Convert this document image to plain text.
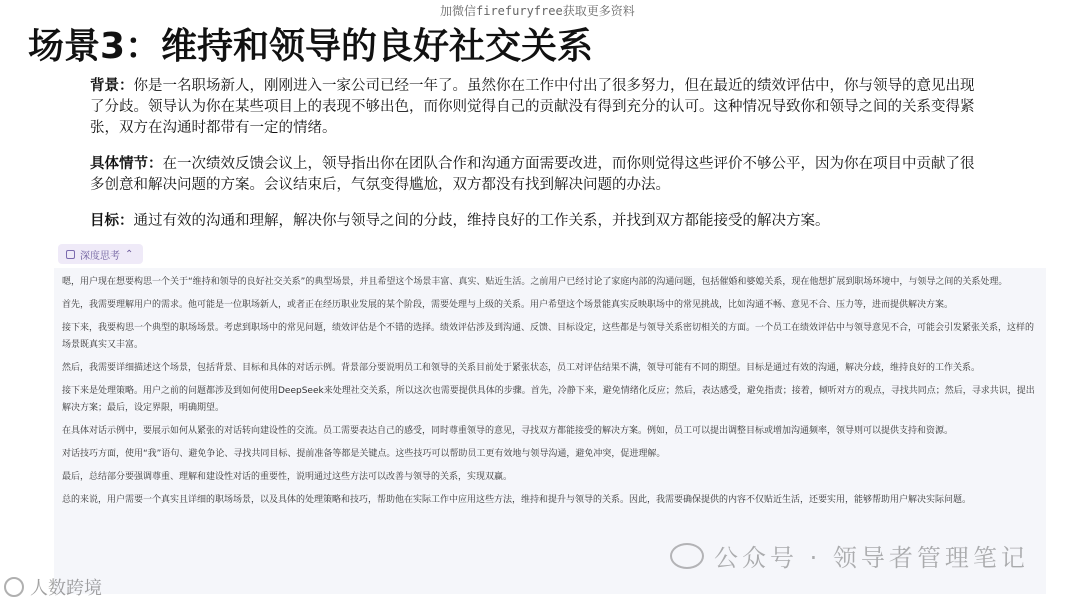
加微信firefuryfree获取更多资料
场景3：维持和领导的良好社交关系

背景：你是一名职场新人，刚刚进入一家公司已经一年了。虽然你在工作中付出了很多努力，但在最近的绩效评估中，你与领导的意见出现了分歧。领导认为你在某些项目上的表现不够出色，而你则觉得自己的贡献没有得到充分的认可。这种情况导致你和领导之间的关系变得紧张，双方在沟通时都带有一定的情绪。

具体情节：在一次绩效反馈会议上，领导指出你在团队合作和沟通方面需要改进，而你则觉得这些评价不够公平，因为你在项目中贡献了很多创意和解决问题的方案。会议结束后，气氛变得尴尬，双方都没有找到解决问题的办法。

目标：通过有效的沟通和理解，解决你与领导之间的分歧，维持良好的工作关系，并找到双方都能接受的解决方案。

深度思考 ⌃

嗯，用户现在想要构思一个关于“维持和领导的良好社交关系”的典型场景，并且希望这个场景丰富、真实、贴近生活。之前用户已经讨论了家庭内部的沟通问题，包括催婚和婆媳关系，现在他想扩展到职场环境中，与领导之间的关系处理。

首先，我需要理解用户的需求。他可能是一位职场新人，或者正在经历职业发展的某个阶段，需要处理与上级的关系。用户希望这个场景能真实反映职场中的常见挑战，比如沟通不畅、意见不合、压力等，进而提供解决方案。

接下来，我要构思一个典型的职场场景。考虑到职场中的常见问题，绩效评估是个不错的选择。绩效评估涉及到沟通、反馈、目标设定，这些都是与领导关系密切相关的方面。一个员工在绩效评估中与领导意见不合，可能会引发紧张关系，这样的场景既真实又丰富。

然后，我需要详细描述这个场景，包括背景、目标和具体的对话示例。背景部分要说明员工和领导的关系目前处于紧张状态，员工对评估结果不满，领导可能有不同的期望。目标是通过有效的沟通，解决分歧，维持良好的工作关系。

接下来是处理策略。用户之前的问题都涉及到如何使用DeepSeek来处理社交关系，所以这次也需要提供具体的步骤。首先，冷静下来，避免情绪化反应；然后，表达感受，避免指责；接着，倾听对方的观点，寻找共同点；然后，寻求共识，提出解决方案；最后，设定界限，明确期望。

在具体对话示例中，要展示如何从紧张的对话转向建设性的交流。员工需要表达自己的感受，同时尊重领导的意见，寻找双方都能接受的解决方案。例如，员工可以提出调整目标或增加沟通频率，领导则可以提供支持和资源。

对话技巧方面，使用“我”语句、避免争论、寻找共同目标、提前准备等都是关键点。这些技巧可以帮助员工更有效地与领导沟通，避免冲突，促进理解。

最后，总结部分要强调尊重、理解和建设性对话的重要性，说明通过这些方法可以改善与领导的关系，实现双赢。

总的来说，用户需要一个真实且详细的职场场景，以及具体的处理策略和技巧，帮助他在实际工作中应用这些方法，维持和提升与领导的关系。因此，我需要确保提供的内容不仅贴近生活，还要实用，能够帮助用户解决实际问题。

公众号 · 领导者管理笔记
人数跨境
